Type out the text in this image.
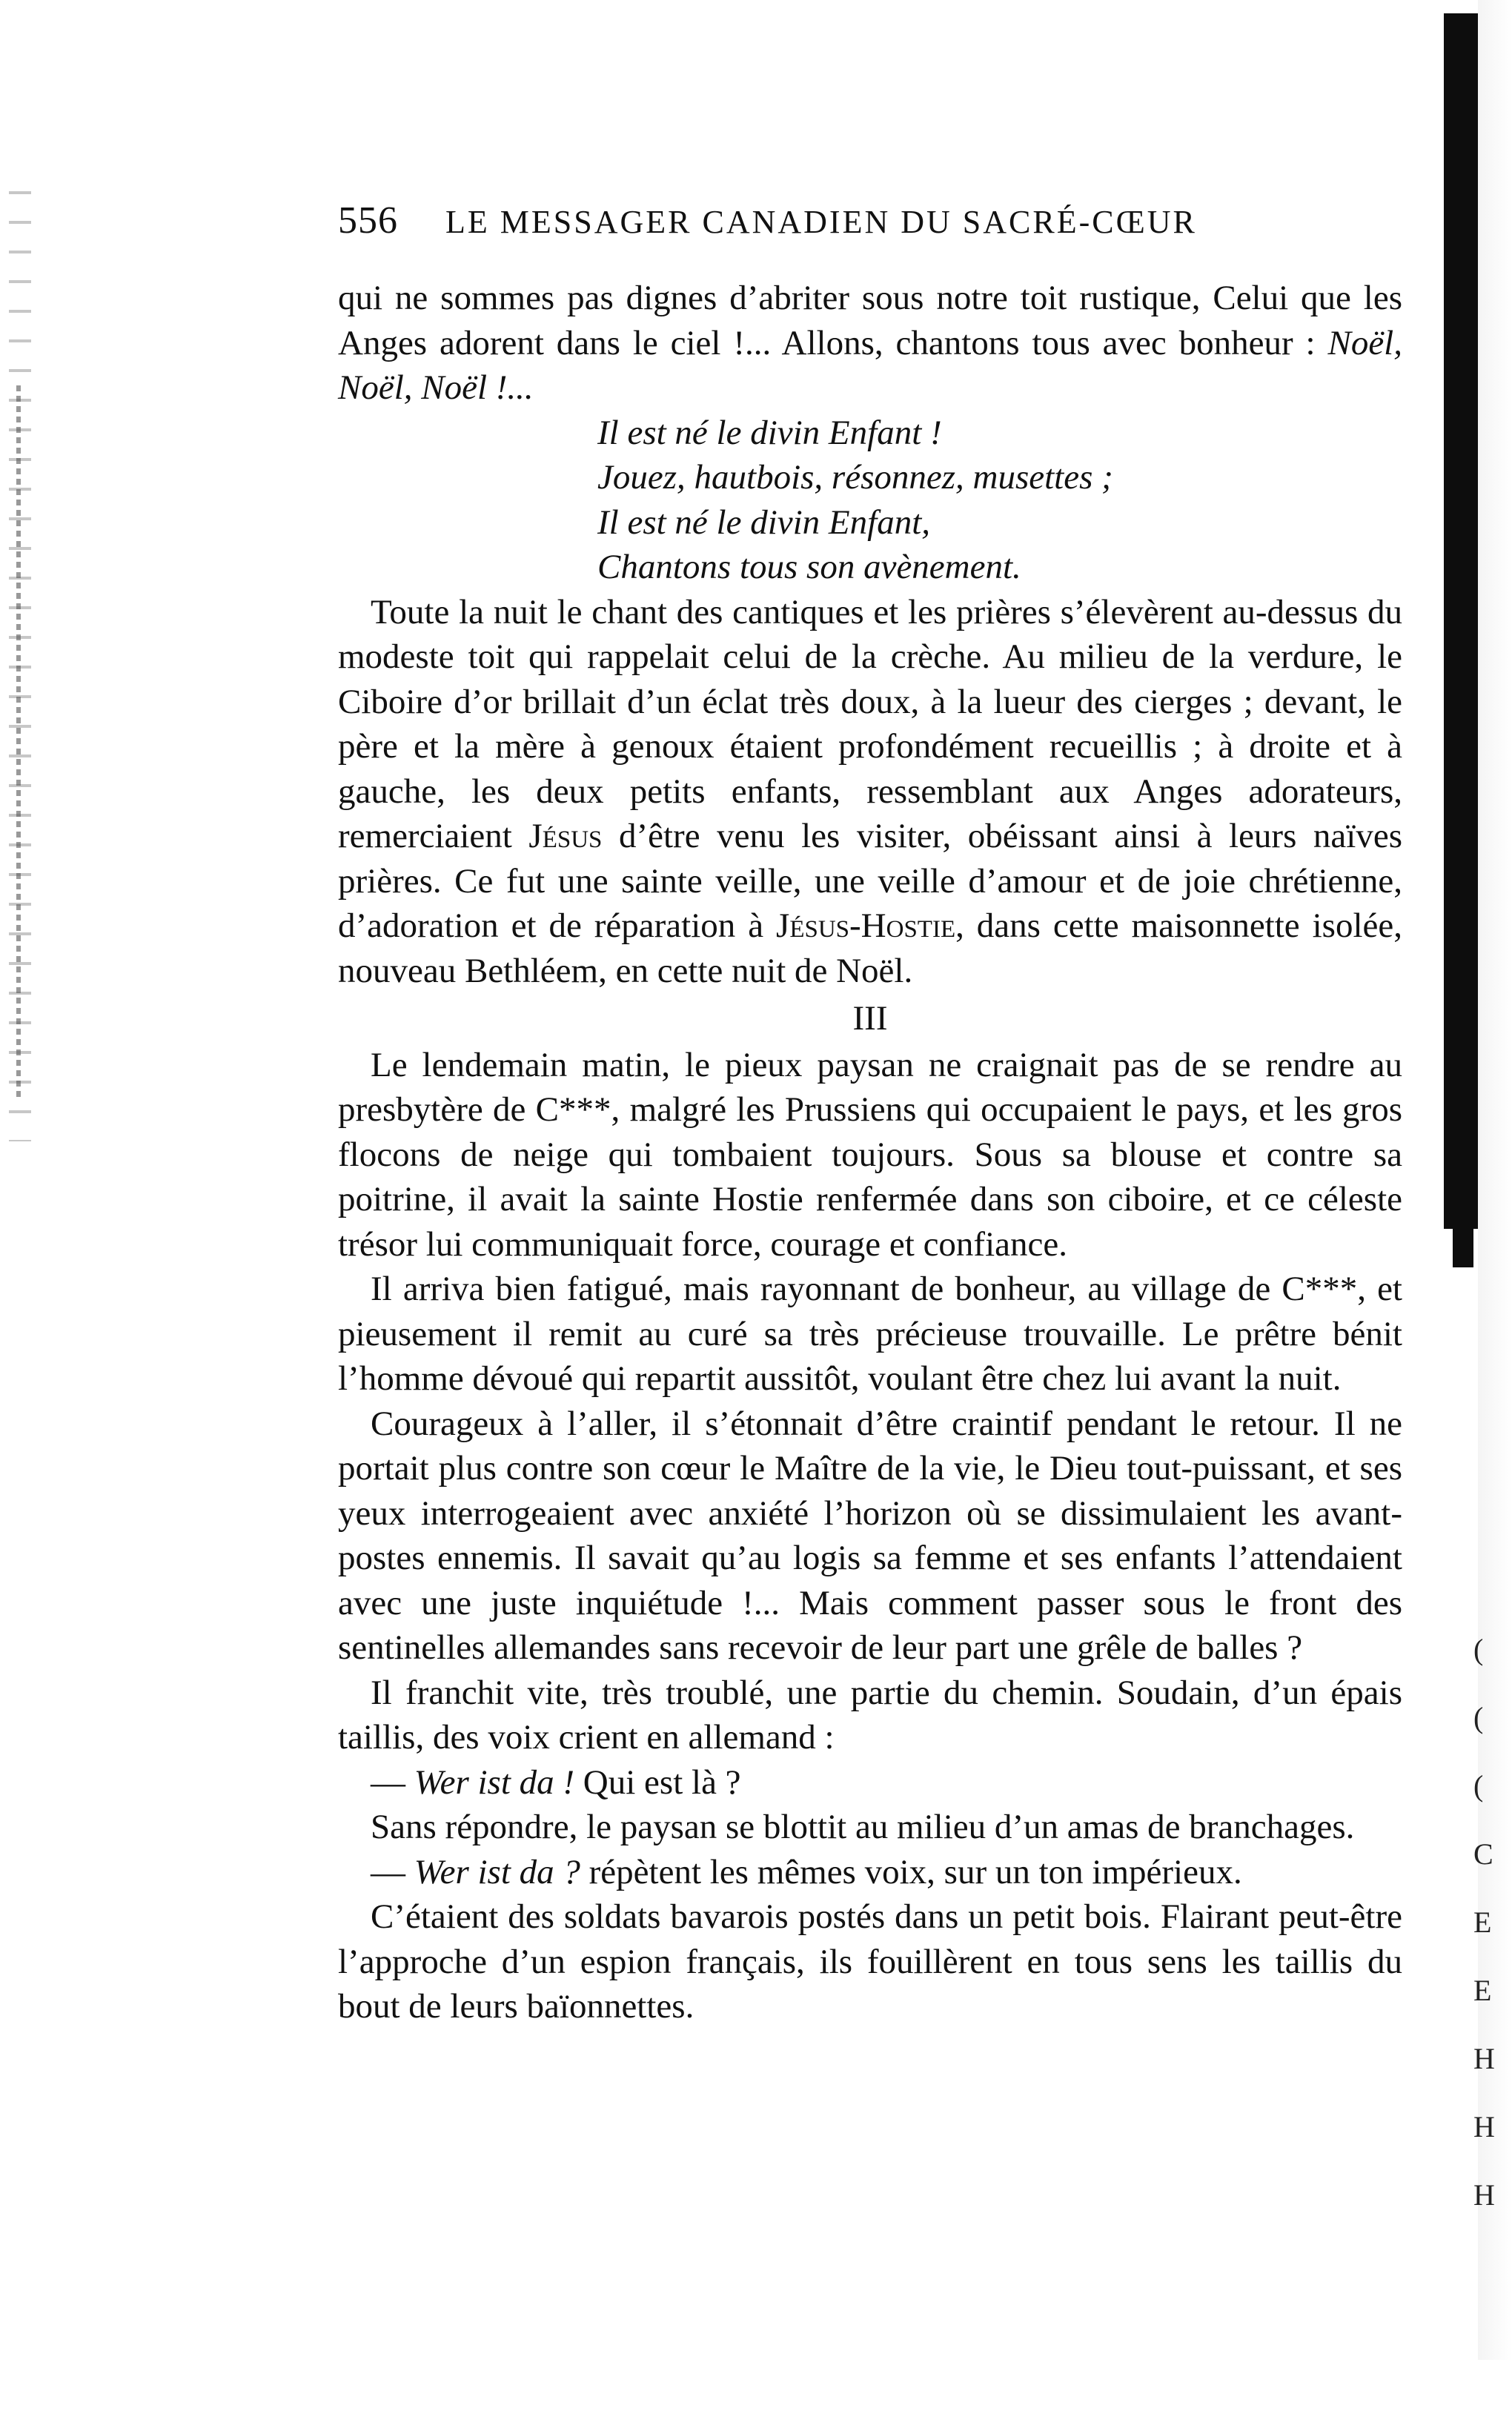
(
(
(
C
E
E
H
H
H
556 LE MESSAGER CANADIEN DU SACRÉ-CŒUR

qui ne sommes pas dignes d’abriter sous notre toit rustique, Celui que les Anges adorent dans le ciel !... Allons, chantons tous avec bonheur : Noël, Noël, Noël !...

Il est né le divin Enfant !

Jouez, hautbois, résonnez, musettes ;

Il est né le divin Enfant,

Chantons tous son avènement.

Toute la nuit le chant des cantiques et les prières s’élevèrent au-dessus du modeste toit qui rappelait celui de la crèche. Au milieu de la verdure, le Ciboire d’or brillait d’un éclat très doux, à la lueur des cierges ; devant, le père et la mère à genoux étaient profondément recueillis ; à droite et à gauche, les deux petits enfants, ressemblant aux Anges adorateurs, remerciaient Jésus d’être venu les visiter, obéissant ainsi à leurs naïves prières. Ce fut une sainte veille, une veille d’amour et de joie chrétienne, d’adoration et de réparation à Jésus-Hostie, dans cette maisonnette isolée, nouveau Bethléem, en cette nuit de Noël.

III

Le lendemain matin, le pieux paysan ne craignait pas de se rendre au presbytère de C***, malgré les Prussiens qui occupaient le pays, et les gros flocons de neige qui tombaient toujours. Sous sa blouse et contre sa poitrine, il avait la sainte Hostie renfermée dans son ciboire, et ce céleste trésor lui communiquait force, courage et confiance.

Il arriva bien fatigué, mais rayonnant de bonheur, au village de C***, et pieusement il remit au curé sa très précieuse trouvaille. Le prêtre bénit l’homme dévoué qui repartit aussitôt, voulant être chez lui avant la nuit.

Courageux à l’aller, il s’étonnait d’être craintif pendant le retour. Il ne portait plus contre son cœur le Maître de la vie, le Dieu tout-puissant, et ses yeux interrogeaient avec anxiété l’horizon où se dissimulaient les avant-postes ennemis. Il savait qu’au logis sa femme et ses enfants l’attendaient avec une juste inquiétude !... Mais comment passer sous le front des sentinelles allemandes sans recevoir de leur part une grêle de balles ?

Il franchit vite, très troublé, une partie du chemin. Soudain, d’un épais taillis, des voix crient en allemand :

— Wer ist da ! Qui est là ?

Sans répondre, le paysan se blottit au milieu d’un amas de branchages.

— Wer ist da ? répètent les mêmes voix, sur un ton impérieux.

C’étaient des soldats bavarois postés dans un petit bois. Flairant peut-être l’approche d’un espion français, ils fouillèrent en tous sens les taillis du bout de leurs baïonnettes.
